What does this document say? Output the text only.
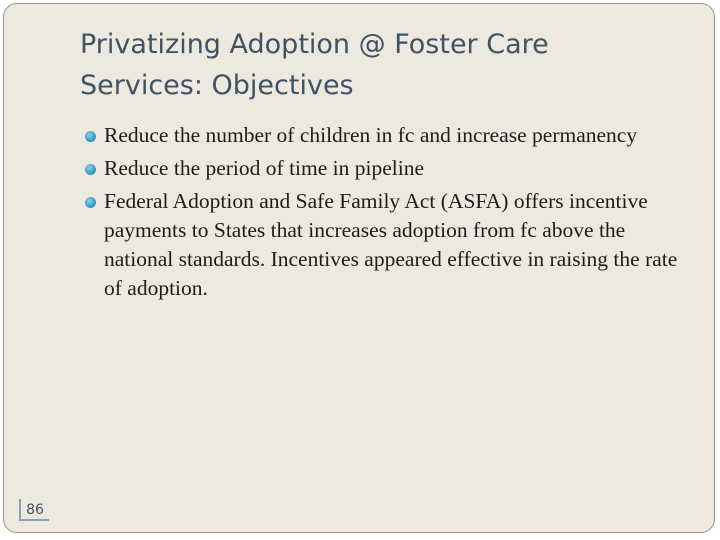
Privatizing Adoption @ Foster Care
Services: Objectives
Reduce the number of children in fc and increase permanency
Reduce the period of time in pipeline
Federal Adoption and Safe Family Act (ASFA) offers incentive payments to States that increases adoption from fc above the national standards. Incentives appeared effective in raising the rate of adoption.
86
